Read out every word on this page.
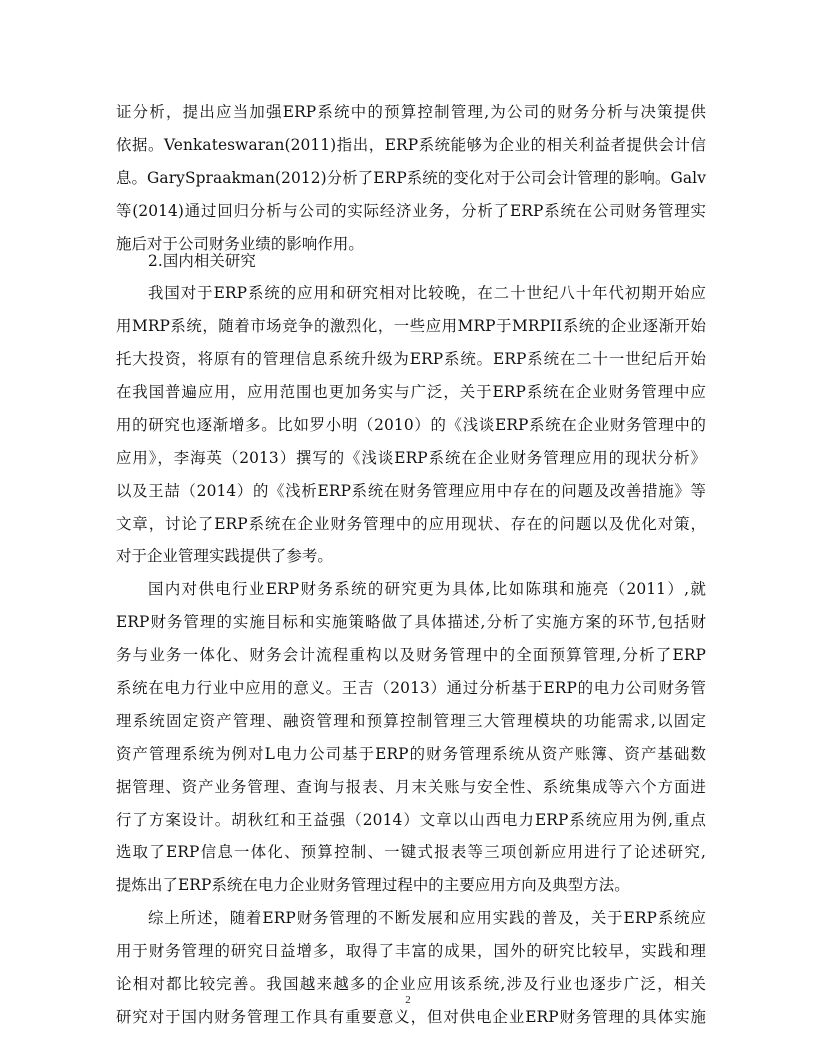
证分析，提出应当加强ERP系统中的预算控制管理,为公司的财务分析与决策提供
依据。Venkateswaran(2011)指出，ERP系统能够为企业的相关利益者提供会计信
息。GarySpraakman(2012)分析了ERP系统的变化对于公司会计管理的影响。Galv
等(2014)通过回归分析与公司的实际经济业务，分析了ERP系统在公司财务管理实
施后对于公司财务业绩的影响作用。
2.国内相关研究
我国对于ERP系统的应用和研究相对比较晚，在二十世纪八十年代初期开始应
用MRP系统，随着市场竞争的激烈化，一些应用MRP于MRPII系统的企业逐渐开始
托大投资，将原有的管理信息系统升级为ERP系统。ERP系统在二十一世纪后开始
在我国普遍应用，应用范围也更加务实与广泛，关于ERP系统在企业财务管理中应
用的研究也逐渐增多。比如罗小明（2010）的《浅谈ERP系统在企业财务管理中的
应用》，李海英（2013）撰写的《浅谈ERP系统在企业财务管理应用的现状分析》
以及王喆（2014）的《浅析ERP系统在财务管理应用中存在的问题及改善措施》等
文章，讨论了ERP系统在企业财务管理中的应用现状、存在的问题以及优化对策，
对于企业管理实践提供了参考。
国内对供电行业ERP财务系统的研究更为具体,比如陈琪和施亮（2011）,就
ERP财务管理的实施目标和实施策略做了具体描述,分析了实施方案的环节,包括财
务与业务一体化、财务会计流程重构以及财务管理中的全面预算管理,分析了ERP
系统在电力行业中应用的意义。王吉（2013）通过分析基于ERP的电力公司财务管
理系统固定资产管理、融资管理和预算控制管理三大管理模块的功能需求,以固定
资产管理系统为例对L电力公司基于ERP的财务管理系统从资产账簿、资产基础数
据管理、资产业务管理、查询与报表、月末关账与安全性、系统集成等六个方面进
行了方案设计。胡秋红和王益强（2014）文章以山西电力ERP系统应用为例,重点
选取了ERP信息一体化、预算控制、一键式报表等三项创新应用进行了论述研究,
提炼出了ERP系统在电力企业财务管理过程中的主要应用方向及典型方法。
综上所述，随着ERP财务管理的不断发展和应用实践的普及，关于ERP系统应
用于财务管理的研究日益增多，取得了丰富的成果，国外的研究比较早，实践和理
论相对都比较完善。我国越来越多的企业应用该系统,涉及行业也逐步广泛，相关
研究对于国内财务管理工作具有重要意义，但对供电企业ERP财务管理的具体实施
2
